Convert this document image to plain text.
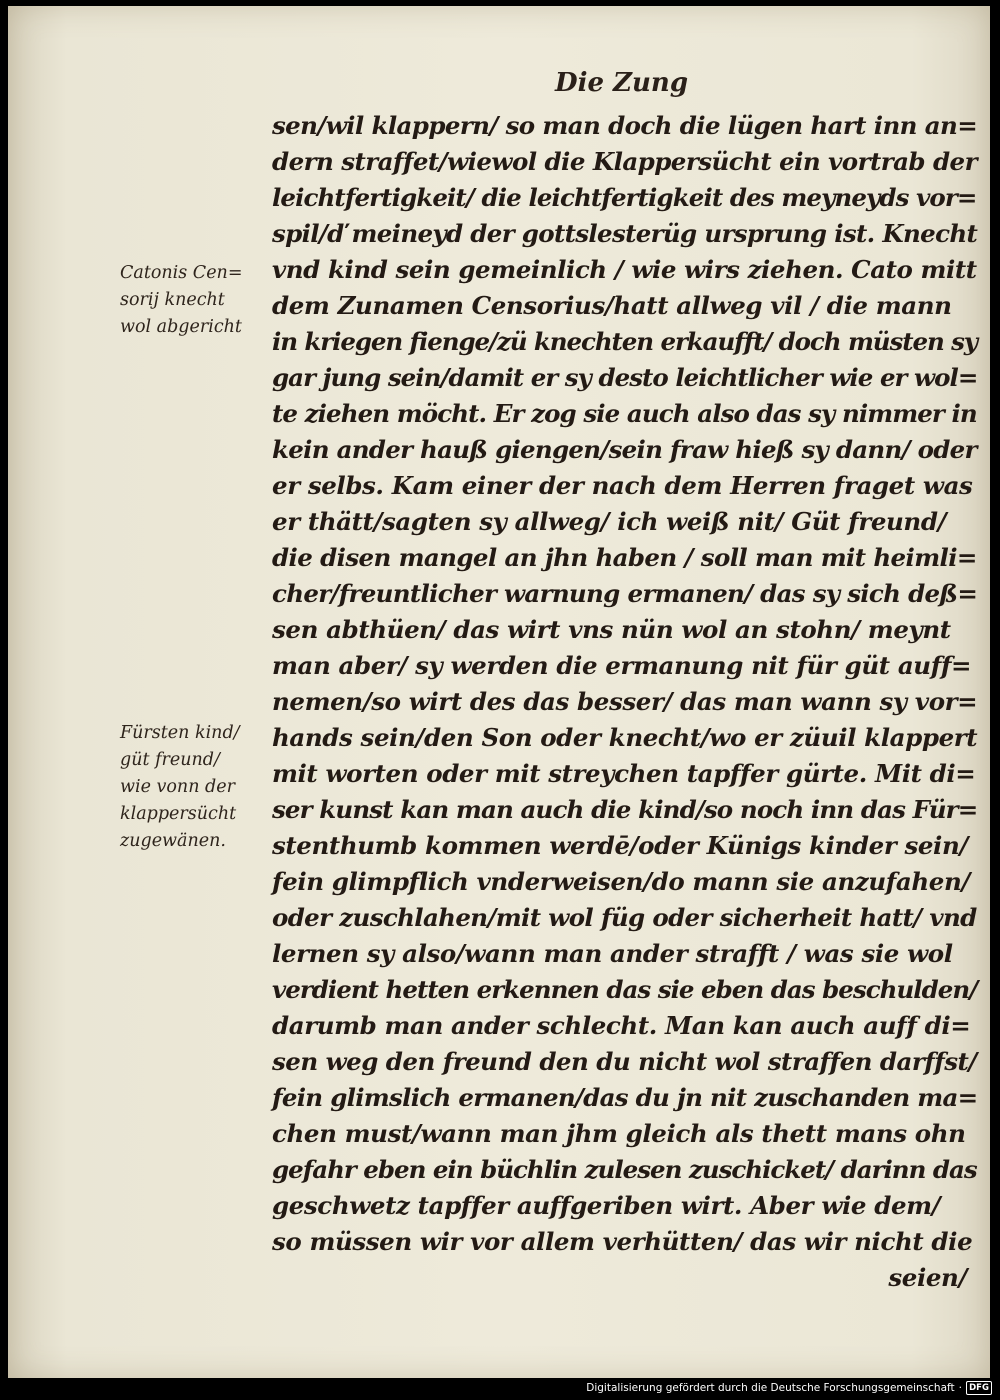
Die Zung
sen/wil klappern/ so man doch die lügen hart inn an=
dern straffet/wiewol die Klappersücht ein vortrab der
leichtfertigkeit/ die leichtfertigkeit des meyneyds vor=
spil/ď meineyd der gottslesterüg ursprung ist. Knecht
vnd kind sein gemeinlich / wie wirs ziehen. Cato mitt
dem Zunamen Censorius/hatt allweg vil / die mann
in kriegen fienge/zü knechten erkaufft/ doch müsten sy
gar jung sein/damit er sy desto leichtlicher wie er wol=
te ziehen möcht. Er zog sie auch also das sy nimmer in
kein ander hauß giengen/sein fraw hieß sy dann/ oder
er selbs. Kam einer der nach dem Herren fraget was
er thätt/sagten sy allweg/ ich weiß nit/ Güt freund/
die disen mangel an jhn haben / soll man mit heimli=
cher/freuntlicher warnung ermanen/ das sy sich deß=
sen abthüen/ das wirt vns nün wol an stohn/ meynt
man aber/ sy werden die ermanung nit für güt auff=
nemen/so wirt des das besser/ das man wann sy vor=
hands sein/den Son oder knecht/wo er züuil klappert
mit worten oder mit streychen tapffer gürte. Mit di=
ser kunst kan man auch die kind/so noch inn das Für=
stenthumb kommen werdē/oder Künigs kinder sein/
fein glimpflich vnderweisen/do mann sie anzufahen/
oder zuschlahen/mit wol füg oder sicherheit hatt/ vnd
lernen sy also/wann man ander strafft / was sie wol
verdient hetten erkennen das sie eben das beschulden/
darumb man ander schlecht. Man kan auch auff di=
sen weg den freund den du nicht wol straffen darffst/
fein glimslich ermanen/das du jn nit zuschanden ma=
chen must/wann man jhm gleich als thett mans ohn
gefahr eben ein büchlin zulesen zuschicket/ darinn das
geschwetz tapffer auffgeriben wirt. Aber wie dem/
so müssen wir vor allem verhütten/ das wir nicht die
seien/
Catonis Cen=
sorij knecht
wol abgericht
Fürsten kind/
güt freund/
wie vonn der
klappersücht
zugewänen.
Digitalisierung gefördert durch die Deutsche Forschungsgemeinschaft · DFG
